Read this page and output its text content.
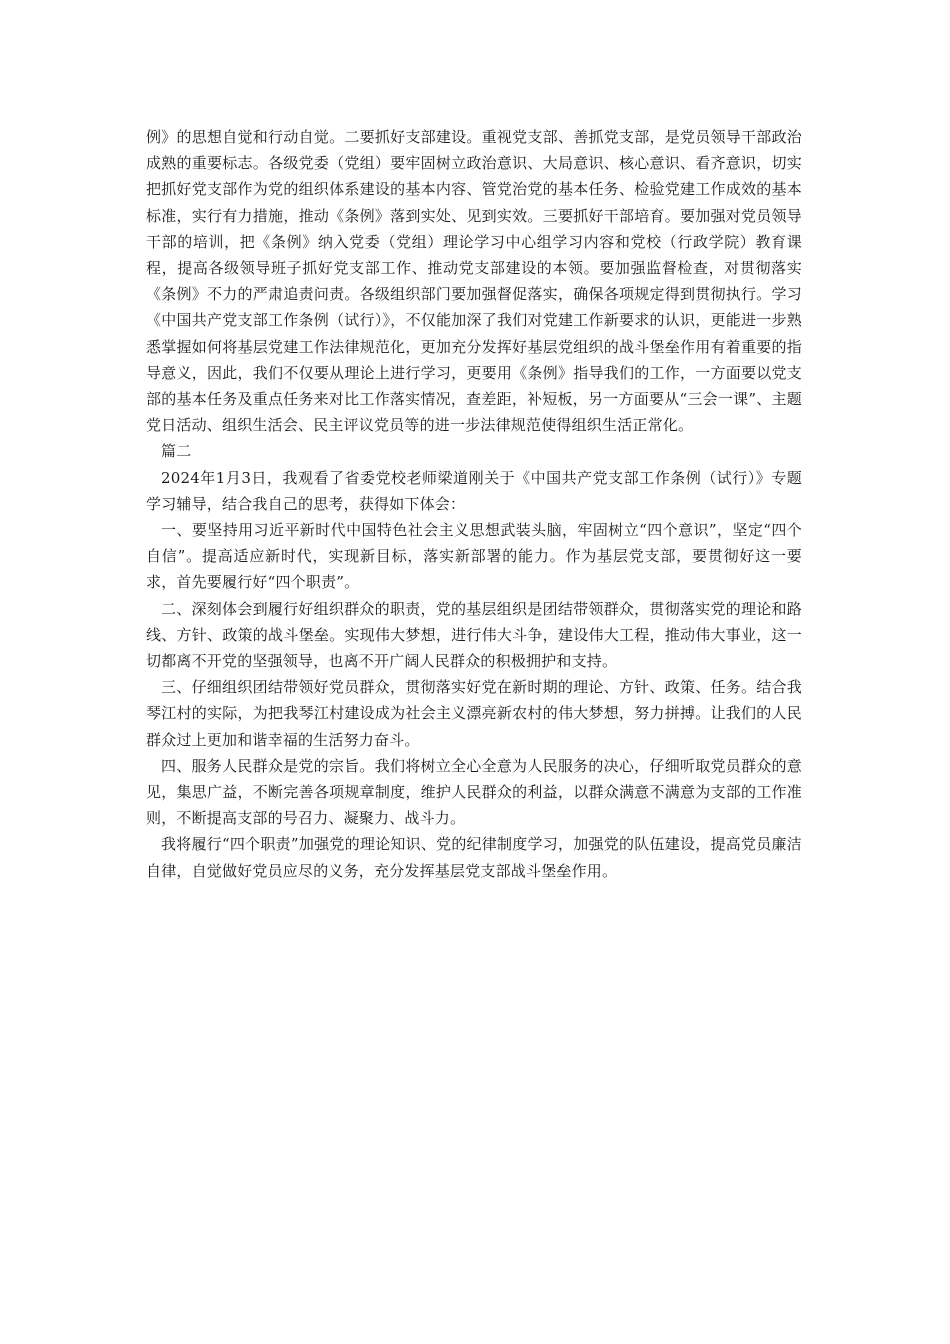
例》的思想自觉和行动自觉。二要抓好支部建设。重视党支部、善抓党支部，是党员领导干部政治成熟的重要标志。各级党委（党组）要牢固树立政治意识、大局意识、核心意识、看齐意识，切实把抓好党支部作为党的组织体系建设的基本内容、管党治党的基本任务、检验党建工作成效的基本标准，实行有力措施，推动《条例》落到实处、见到实效。三要抓好干部培育。要加强对党员领导干部的培训，把《条例》纳入党委（党组）理论学习中心组学习内容和党校（行政学院）教育课程，提高各级领导班子抓好党支部工作、推动党支部建设的本领。要加强监督检查，对贯彻落实《条例》不力的严肃追责问责。各级组织部门要加强督促落实，确保各项规定得到贯彻执行。学习《中国共产党支部工作条例（试行）》，不仅能加深了我们对党建工作新要求的认识，更能进一步熟悉掌握如何将基层党建工作法律规范化，更加充分发挥好基层党组织的战斗堡垒作用有着重要的指导意义，因此，我们不仅要从理论上进行学习，更要用《条例》指导我们的工作，一方面要以党支部的基本任务及重点任务来对比工作落实情况，查差距，补短板，另一方面要从“三会一课”、主题党日活动、组织生活会、民主评议党员等的进一步法律规范使得组织生活正常化。

篇二

2024年1月3日，我观看了省委党校老师梁道刚关于《中国共产党支部工作条例（试行）》专题学习辅导，结合我自己的思考，获得如下体会：

一、要坚持用习近平新时代中国特色社会主义思想武装头脑，牢固树立“四个意识”，坚定“四个自信”。提高适应新时代，实现新目标，落实新部署的能力。作为基层党支部，要贯彻好这一要求，首先要履行好“四个职责”。

二、深刻体会到履行好组织群众的职责，党的基层组织是团结带领群众，贯彻落实党的理论和路线、方针、政策的战斗堡垒。实现伟大梦想，进行伟大斗争，建设伟大工程，推动伟大事业，这一切都离不开党的坚强领导，也离不开广阔人民群众的积极拥护和支持。

三、仔细组织团结带领好党员群众，贯彻落实好党在新时期的理论、方针、政策、任务。结合我琴江村的实际，为把我琴江村建设成为社会主义漂亮新农村的伟大梦想，努力拼搏。让我们的人民群众过上更加和谐幸福的生活努力奋斗。

四、服务人民群众是党的宗旨。我们将树立全心全意为人民服务的决心，仔细听取党员群众的意见，集思广益，不断完善各项规章制度，维护人民群众的利益，以群众满意不满意为支部的工作准则，不断提高支部的号召力、凝聚力、战斗力。

我将履行“四个职责”加强党的理论知识、党的纪律制度学习，加强党的队伍建设，提高党员廉洁自律，自觉做好党员应尽的义务，充分发挥基层党支部战斗堡垒作用。
